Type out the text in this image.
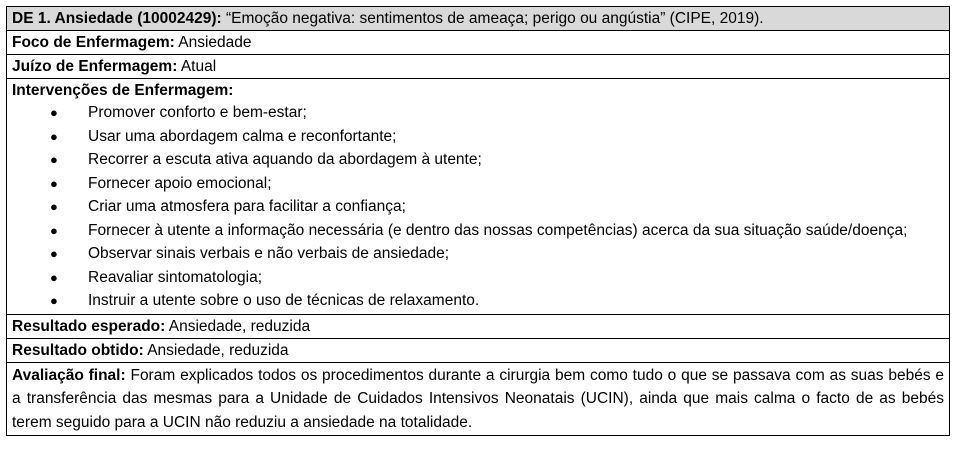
DE 1. Ansiedade (10002429): “Emoção negativa: sentimentos de ameaça; perigo ou angústia” (CIPE, 2019).
Foco de Enfermagem: Ansiedade
Juízo de Enfermagem: Atual
Intervenções de Enfermagem:
● Promover conforto e bem-estar;
● Usar uma abordagem calma e reconfortante;
● Recorrer a escuta ativa aquando da abordagem à utente;
● Fornecer apoio emocional;
● Criar uma atmosfera para facilitar a confiança;
● Fornecer à utente a informação necessária (e dentro das nossas competências) acerca da sua situação saúde/doença;
● Observar sinais verbais e não verbais de ansiedade;
● Reavaliar sintomatologia;
● Instruir a utente sobre o uso de técnicas de relaxamento.
Resultado esperado: Ansiedade, reduzida
Resultado obtido: Ansiedade, reduzida
Avaliação final: Foram explicados todos os procedimentos durante a cirurgia bem como tudo o que se passava com as suas bebés e a transferência das mesmas para a Unidade de Cuidados Intensivos Neonatais (UCIN), ainda que mais calma o facto de as bebés terem seguido para a UCIN não reduziu a ansiedade na totalidade.
